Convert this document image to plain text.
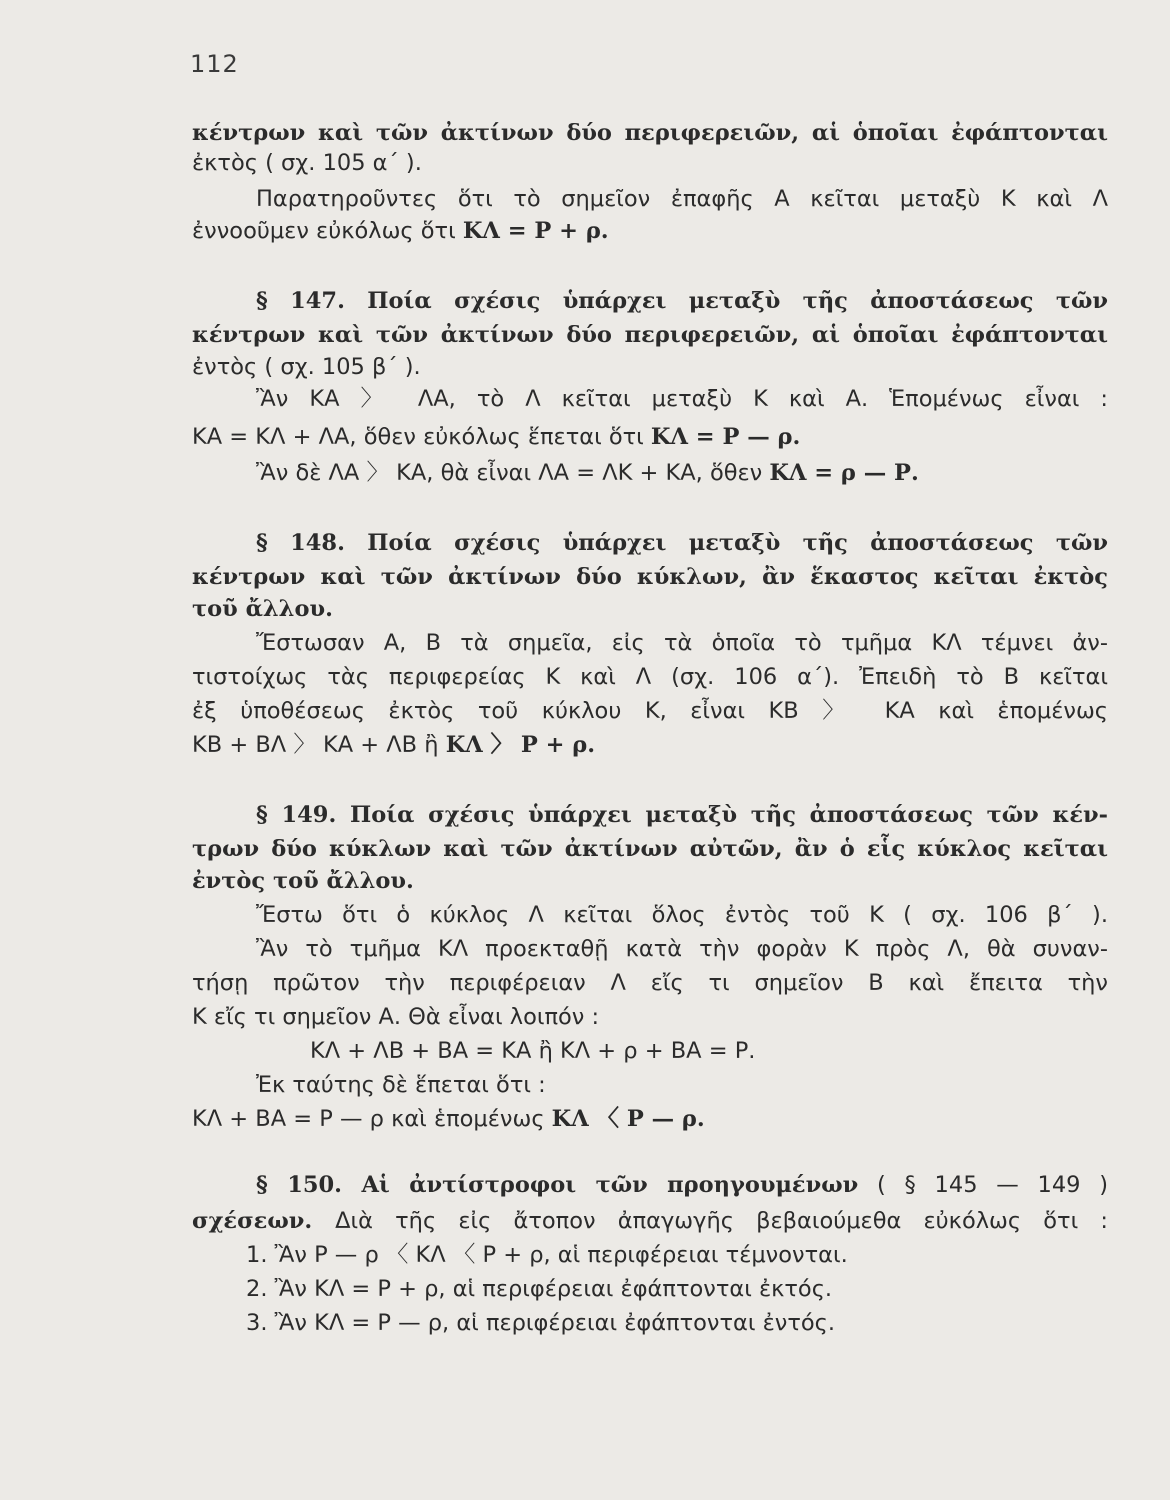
112
κέντρων καὶ τῶν ἀκτίνων δύο περιφερειῶν, αἱ ὁποῖαι ἐφάπτονται
ἐκτὸς ( σχ. 105 α΄ ).
Παρατηροῦντες ὅτι τὸ σημεῖον ἐπαφῆς Α κεῖται μεταξὺ Κ καὶ Λ
ἐννοοῦμεν εὐκόλως ὅτι ΚΛ = Ρ + ρ.
§ 147. Ποία σχέσις ὑπάρχει μεταξὺ τῆς ἀποστάσεως τῶν
κέντρων καὶ τῶν ἀκτίνων δύο περιφερειῶν, αἱ ὁποῖαι ἐφάπτονται
ἐντὸς ( σχ. 105 β΄ ).
Ἂν ΚΑ 〉 ΛΑ, τὸ Λ κεῖται μεταξὺ Κ καὶ Α. Ἑπομένως εἶναι :
ΚΑ = ΚΛ + ΛΑ, ὅθεν εὐκόλως ἕπεται ὅτι ΚΛ = Ρ — ρ.
Ἂν δὲ ΛΑ 〉 ΚΑ, θὰ εἶναι ΛΑ = ΛΚ + ΚΑ, ὅθεν ΚΛ = ρ — Ρ.
§ 148. Ποία σχέσις ὑπάρχει μεταξὺ τῆς ἀποστάσεως τῶν
κέντρων καὶ τῶν ἀκτίνων δύο κύκλων, ἂν ἕκαστος κεῖται ἐκτὸς
τοῦ ἄλλου.
Ἔστωσαν Α, Β τὰ σημεῖα, εἰς τὰ ὁποῖα τὸ τμῆμα ΚΛ τέμνει ἀν-
τιστοίχως τὰς περιφερείας Κ καὶ Λ (σχ. 106 α΄). Ἐπειδὴ τὸ Β κεῖται
ἐξ ὑποθέσεως ἐκτὸς τοῦ κύκλου Κ, εἶναι ΚΒ 〉 ΚΑ καὶ ἑπομένως
ΚΒ + ΒΛ 〉 ΚΑ + ΛΒ ἢ ΚΛ 〉 Ρ + ρ.
§ 149. Ποία σχέσις ὑπάρχει μεταξὺ τῆς ἀποστάσεως τῶν κέν-
τρων δύο κύκλων καὶ τῶν ἀκτίνων αὐτῶν, ἂν ὁ εἷς κύκλος κεῖται
ἐντὸς τοῦ ἄλλου.
Ἔστω ὅτι ὁ κύκλος Λ κεῖται ὅλος ἐντὸς τοῦ Κ ( σχ. 106 β΄ ).
Ἂν τὸ τμῆμα ΚΛ προεκταθῇ κατὰ τὴν φορὰν Κ πρὸς Λ, θὰ συναν-
τήσῃ πρῶτον τὴν περιφέρειαν Λ εἴς τι σημεῖον Β καὶ ἔπειτα τὴν
Κ εἴς τι σημεῖον Α. Θὰ εἶναι λοιπόν :
ΚΛ + ΛΒ + ΒΑ = ΚΑ ἢ ΚΛ + ρ + ΒΑ = Ρ.
Ἐκ ταύτης δὲ ἕπεται ὅτι :
ΚΛ + ΒΑ = Ρ — ρ καὶ ἑπομένως ΚΛ 〈 Ρ — ρ.
§ 150. Αἱ ἀντίστροφοι τῶν προηγουμένων ( § 145 — 149 )
σχέσεων. Διὰ τῆς εἰς ἄτοπον ἀπαγωγῆς βεβαιούμεθα εὐκόλως ὅτι :
1. Ἂν Ρ — ρ 〈 ΚΛ 〈 Ρ + ρ, αἱ περιφέρειαι τέμνονται.
2. Ἂν ΚΛ = Ρ + ρ, αἱ περιφέρειαι ἐφάπτονται ἐκτός.
3. Ἂν ΚΛ = Ρ — ρ, αἱ περιφέρειαι ἐφάπτονται ἐντός.
